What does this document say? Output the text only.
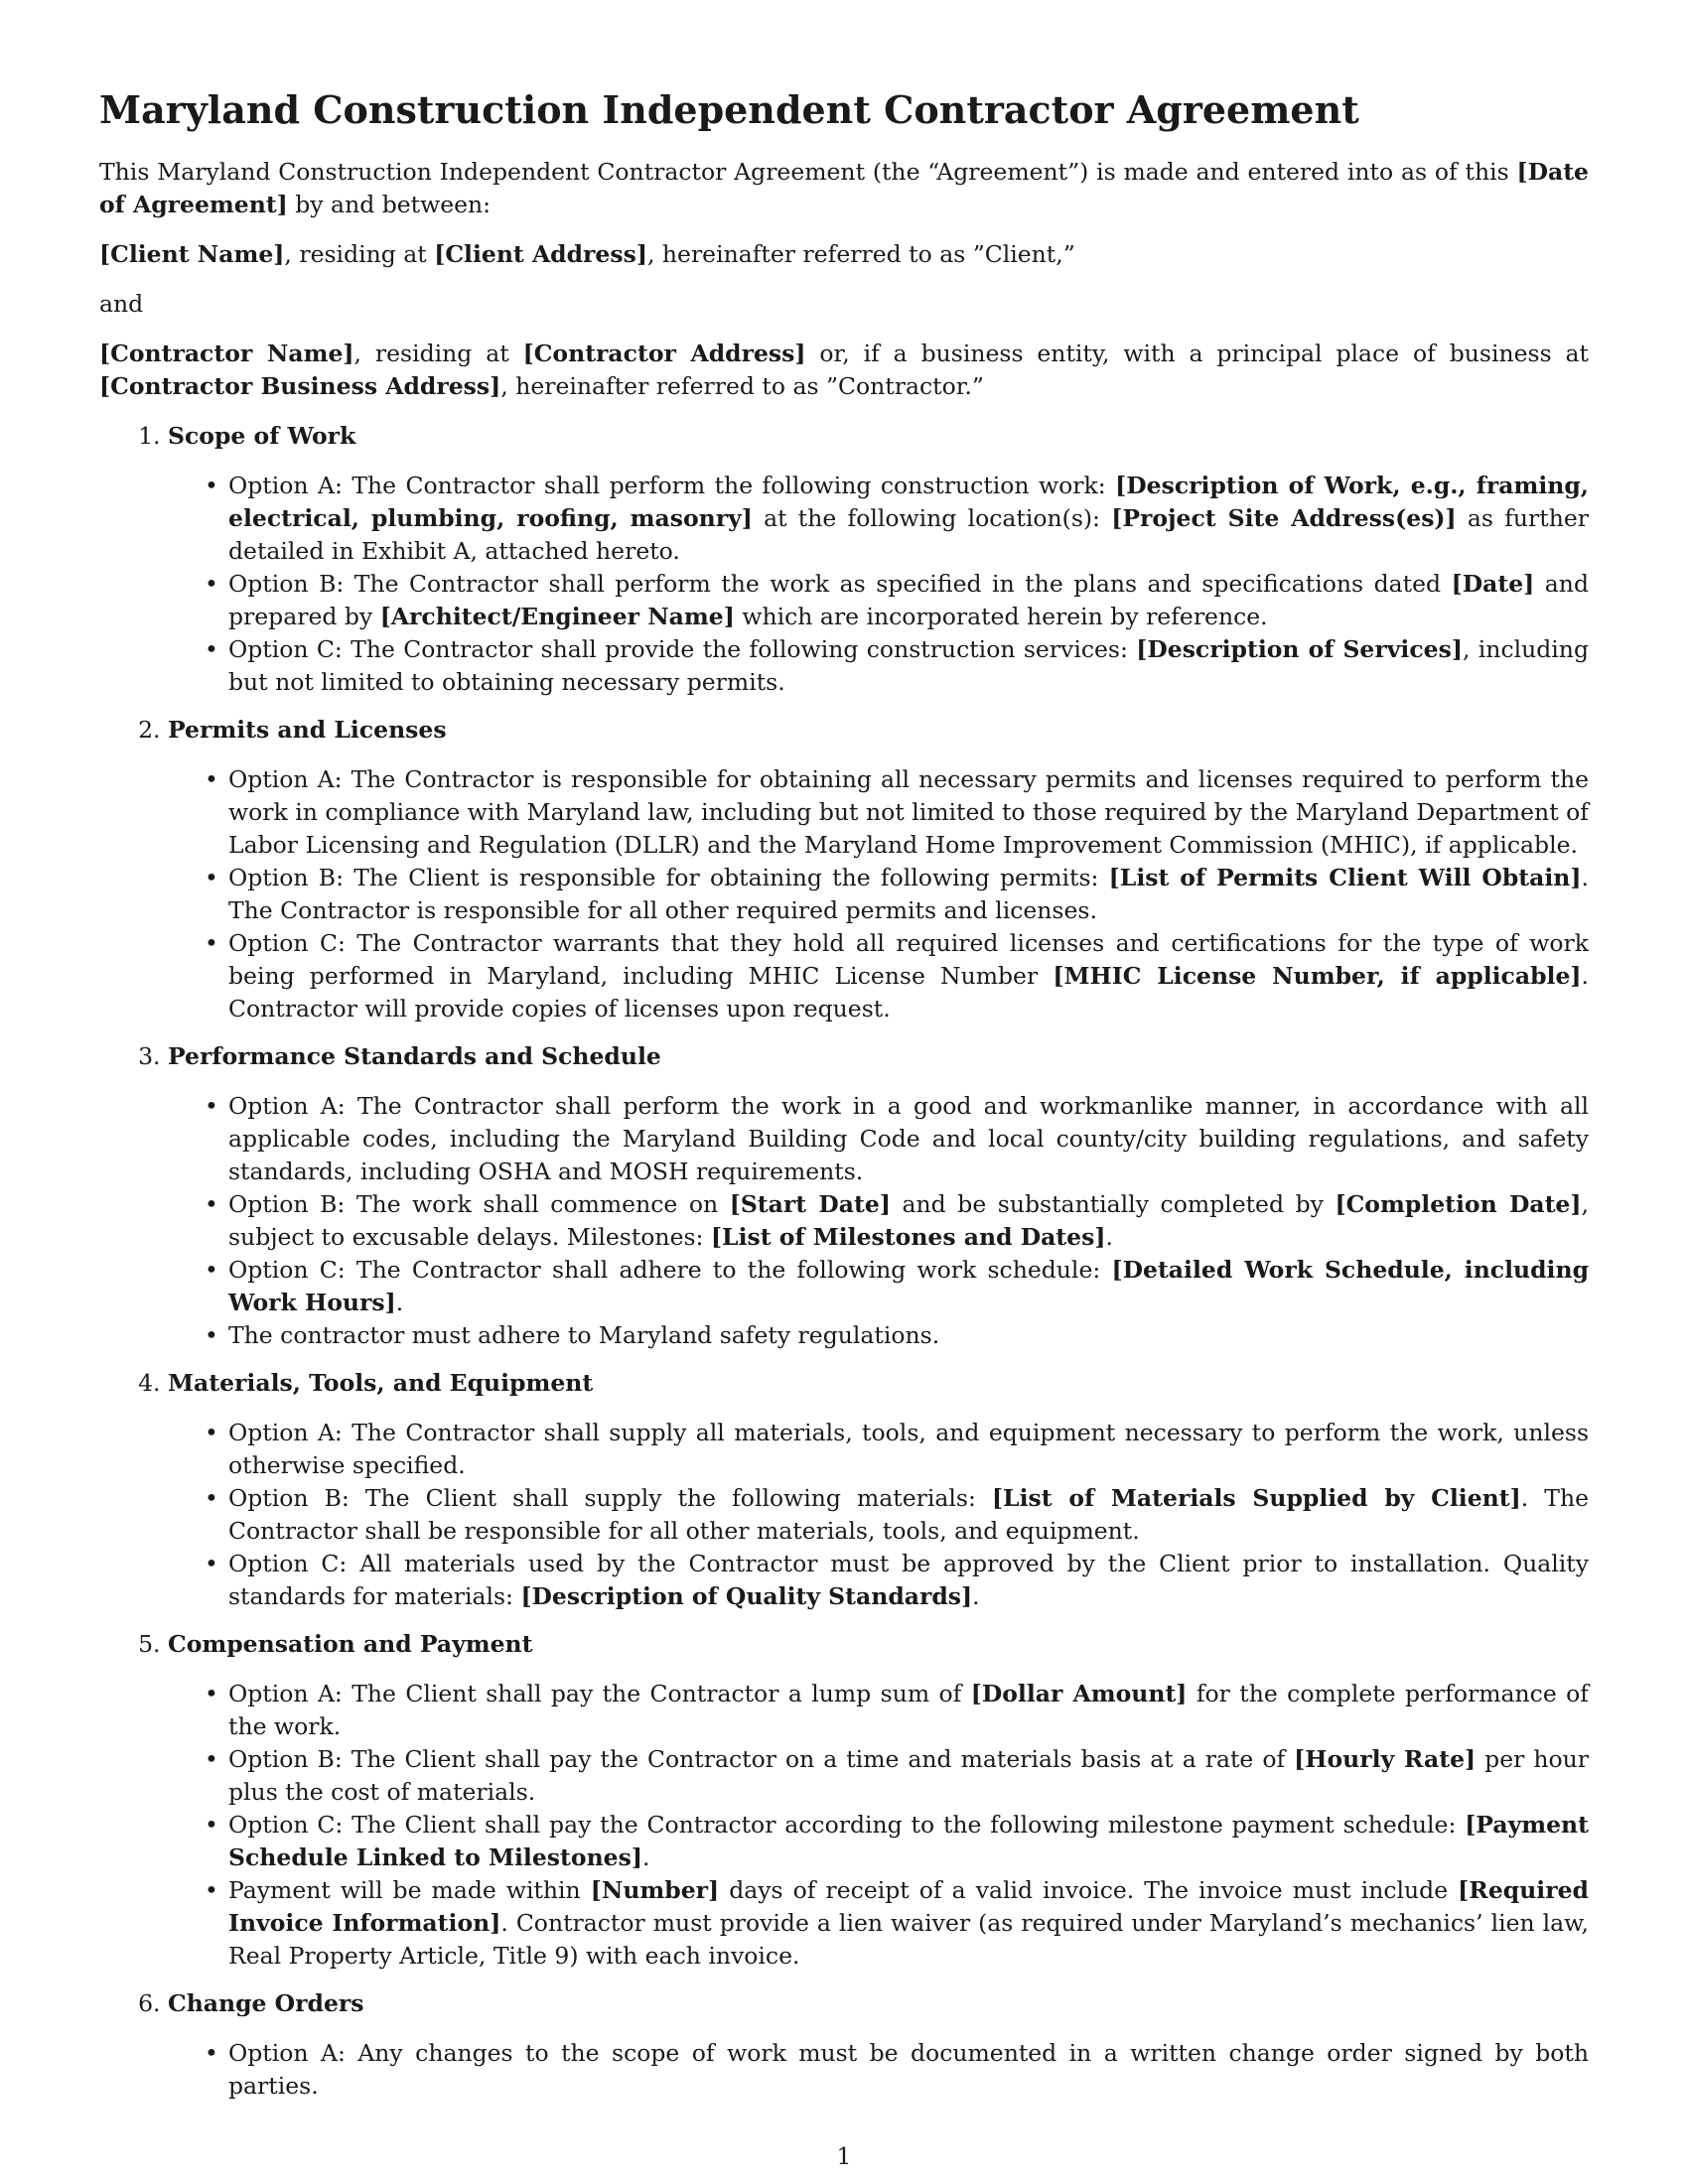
Maryland Construction Independent Contractor Agreement

This Maryland Construction Independent Contractor Agreement (the “Agreement”) is made and entered into as of this [Date of Agreement] by and between:

[Client Name], residing at [Client Address], hereinafter referred to as ”Client,”

and

[Contractor Name], residing at [Contractor Address] or, if a business entity, with a principal place of business at [Contractor Business Address], hereinafter referred to as ”Contractor.”

1. Scope of Work
• Option A: The Contractor shall perform the following construction work: [Description of Work, e.g., framing, electrical, plumbing, roofing, masonry] at the following location(s): [Project Site Address(es)] as further detailed in Exhibit A, attached hereto.
• Option B: The Contractor shall perform the work as specified in the plans and specifications dated [Date] and prepared by [Architect/Engineer Name] which are incorporated herein by reference.
• Option C: The Contractor shall provide the following construction services: [Description of Services], including but not limited to obtaining necessary permits.
2. Permits and Licenses
• Option A: The Contractor is responsible for obtaining all necessary permits and licenses required to perform the work in compliance with Maryland law, including but not limited to those required by the Maryland Department of Labor Licensing and Regulation (DLLR) and the Maryland Home Improvement Commission (MHIC), if applicable.
• Option B: The Client is responsible for obtaining the following permits: [List of Permits Client Will Obtain]. The Contractor is responsible for all other required permits and licenses.
• Option C: The Contractor warrants that they hold all required licenses and certifications for the type of work being performed in Maryland, including MHIC License Number [MHIC License Number, if applicable]. Contractor will provide copies of licenses upon request.
3. Performance Standards and Schedule
• Option A: The Contractor shall perform the work in a good and workmanlike manner, in accordance with all applicable codes, including the Maryland Building Code and local county/city building regulations, and safety standards, including OSHA and MOSH requirements.
• Option B: The work shall commence on [Start Date] and be substantially completed by [Completion Date], subject to excusable delays. Milestones: [List of Milestones and Dates].
• Option C: The Contractor shall adhere to the following work schedule: [Detailed Work Schedule, including Work Hours].
• The contractor must adhere to Maryland safety regulations.
4. Materials, Tools, and Equipment
• Option A: The Contractor shall supply all materials, tools, and equipment necessary to perform the work, unless otherwise specified.
• Option B: The Client shall supply the following materials: [List of Materials Supplied by Client]. The Contractor shall be responsible for all other materials, tools, and equipment.
• Option C: All materials used by the Contractor must be approved by the Client prior to installation. Quality standards for materials: [Description of Quality Standards].
5. Compensation and Payment
• Option A: The Client shall pay the Contractor a lump sum of [Dollar Amount] for the complete performance of the work.
• Option B: The Client shall pay the Contractor on a time and materials basis at a rate of [Hourly Rate] per hour plus the cost of materials.
• Option C: The Client shall pay the Contractor according to the following milestone payment schedule: [Payment Schedule Linked to Milestones].
• Payment will be made within [Number] days of receipt of a valid invoice. The invoice must include [Required Invoice Information]. Contractor must provide a lien waiver (as required under Maryland’s mechanics’ lien law, Real Property Article, Title 9) with each invoice.
6. Change Orders
• Option A: Any changes to the scope of work must be documented in a written change order signed by both parties.
1
